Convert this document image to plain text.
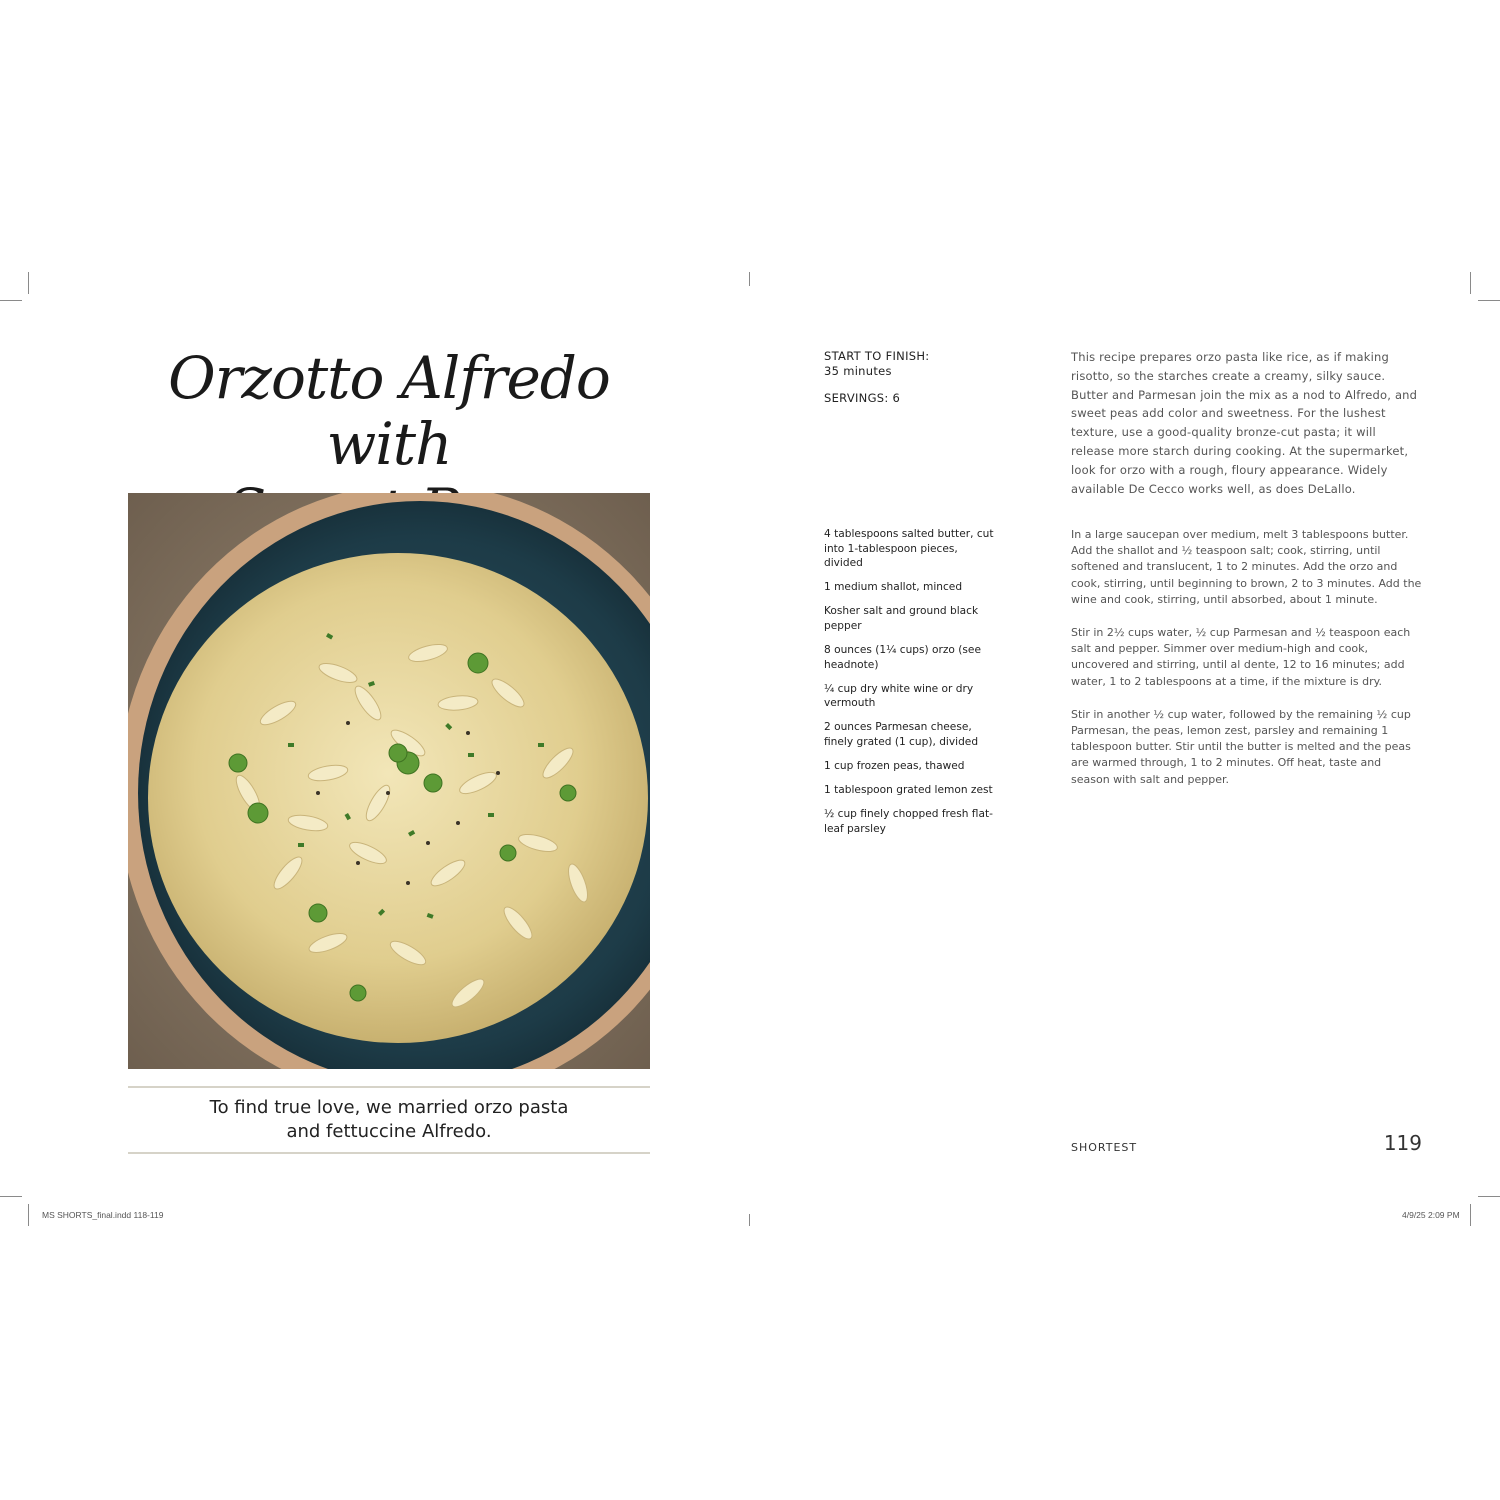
Orzotto Alfredo with
To find true love, we married orzo pasta
and fettuccine Alfredo.
START TO FINISH:
35 minutes
SERVINGS: 6
This recipe prepares orzo pasta like rice, as if making risotto, so the starches create a creamy, silky sauce. Butter and Parmesan join the mix as a nod to Alfredo, and sweet peas add color and sweetness. For the lushest texture, use a good-quality bronze-cut pasta; it will release more starch during cooking. At the supermarket, look for orzo with a rough, floury appearance. Widely available De Cecco works well, as does DeLallo.
4 tablespoons salted butter, cut into 1-tablespoon pieces, divided
1 medium shallot, minced
Kosher salt and ground black pepper
8 ounces (1¼ cups) orzo (see headnote)
¼ cup dry white wine or dry vermouth
2 ounces Parmesan cheese, finely grated (1 cup), divided
1 cup frozen peas, thawed
1 tablespoon grated lemon zest
½ cup finely chopped fresh flat-leaf parsley

In a large saucepan over medium, melt 3 tablespoons butter. Add the shallot and ½ teaspoon salt; cook, stirring, until softened and translucent, 1 to 2 minutes. Add the orzo and cook, stirring, until beginning to brown, 2 to 3 minutes. Add the wine and cook, stirring, until absorbed, about 1 minute.

Stir in 2½ cups water, ½ cup Parmesan and ½ teaspoon each salt and pepper. Simmer over medium-high and cook, uncovered and stirring, until al dente, 12 to 16 minutes; add water, 1 to 2 tablespoons at a time, if the mixture is dry.

Stir in another ½ cup water, followed by the remaining ½ cup Parmesan, the peas, lemon zest, parsley and remaining 1 tablespoon butter. Stir until the butter is melted and the peas are warmed through, 1 to 2 minutes. Off heat, taste and season with salt and pepper.

SHORTEST	119
MS SHORTS_final.indd 118-119	4/9/25 2:09 PM
